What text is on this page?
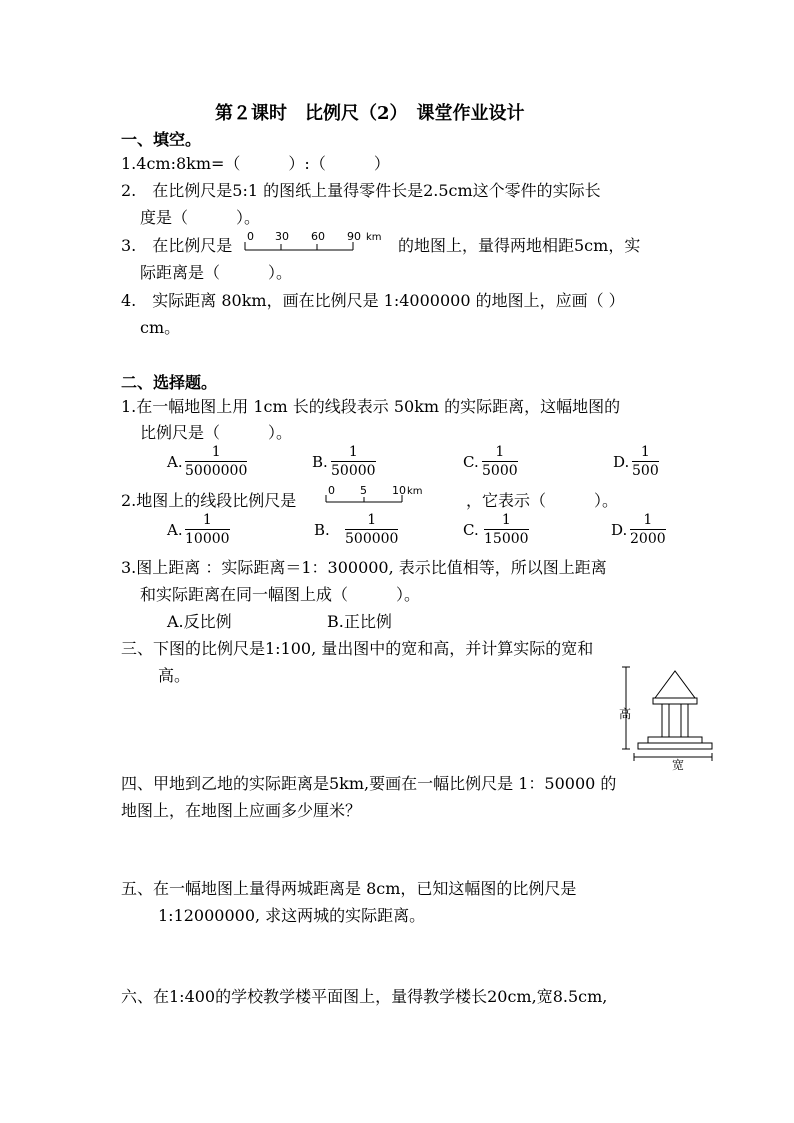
第２课时　比例尺（2）　课堂作业设计
一、填空。
1.4cm:8km=（　　　）:（　　　）
2.　在比例尺是5:1 的图纸上量得零件长是2.5cm这个零件的实际长
度是（　　　）。
3.　在比例尺是 0 30 60 90 km 的地图上，量得两地相距5cm，实
际距离是（　　　）。
4.　实际距离 80km，画在比例尺是 1:4000000 的地图上，应画（ ）
cm。
二、选择题。
1.在一幅地图上用 1cm 长的线段表示 50km 的实际距离，这幅地图的
比例尺是（　　　）。
A. $\frac{1}{5000000}$	B. $\frac{1}{50000}$	C. $\frac{1}{5000}$	D. $\frac{1}{500}$
2.地图上的线段比例尺是
0 5 10 km	，它表示（　　　）。
A. $\frac{1}{10000}$	B. $\frac{1}{500000}$	C. $\frac{1}{15000}$	D. $\frac{1}{2000}$
3.图上距离 ：实际距离＝1：300000, 表示比值相等，所以图上距离
和实际距离在同一幅图上成（　　　）。
A.反比例	B.正比例
三、下图的比例尺是1:100, 量出图中的宽和高，并计算实际的宽和
高。
高
宽
四、甲地到乙地的实际距离是5km,要画在一幅比例尺是 1：50000 的
地图上，在地图上应画多少厘米？
五、在一幅地图上量得两城距离是 8cm，已知这幅图的比例尺是
1:12000000, 求这两城的实际距离。
六、在1:400的学校教学楼平面图上，量得教学楼长20cm,宽8.5cm,
